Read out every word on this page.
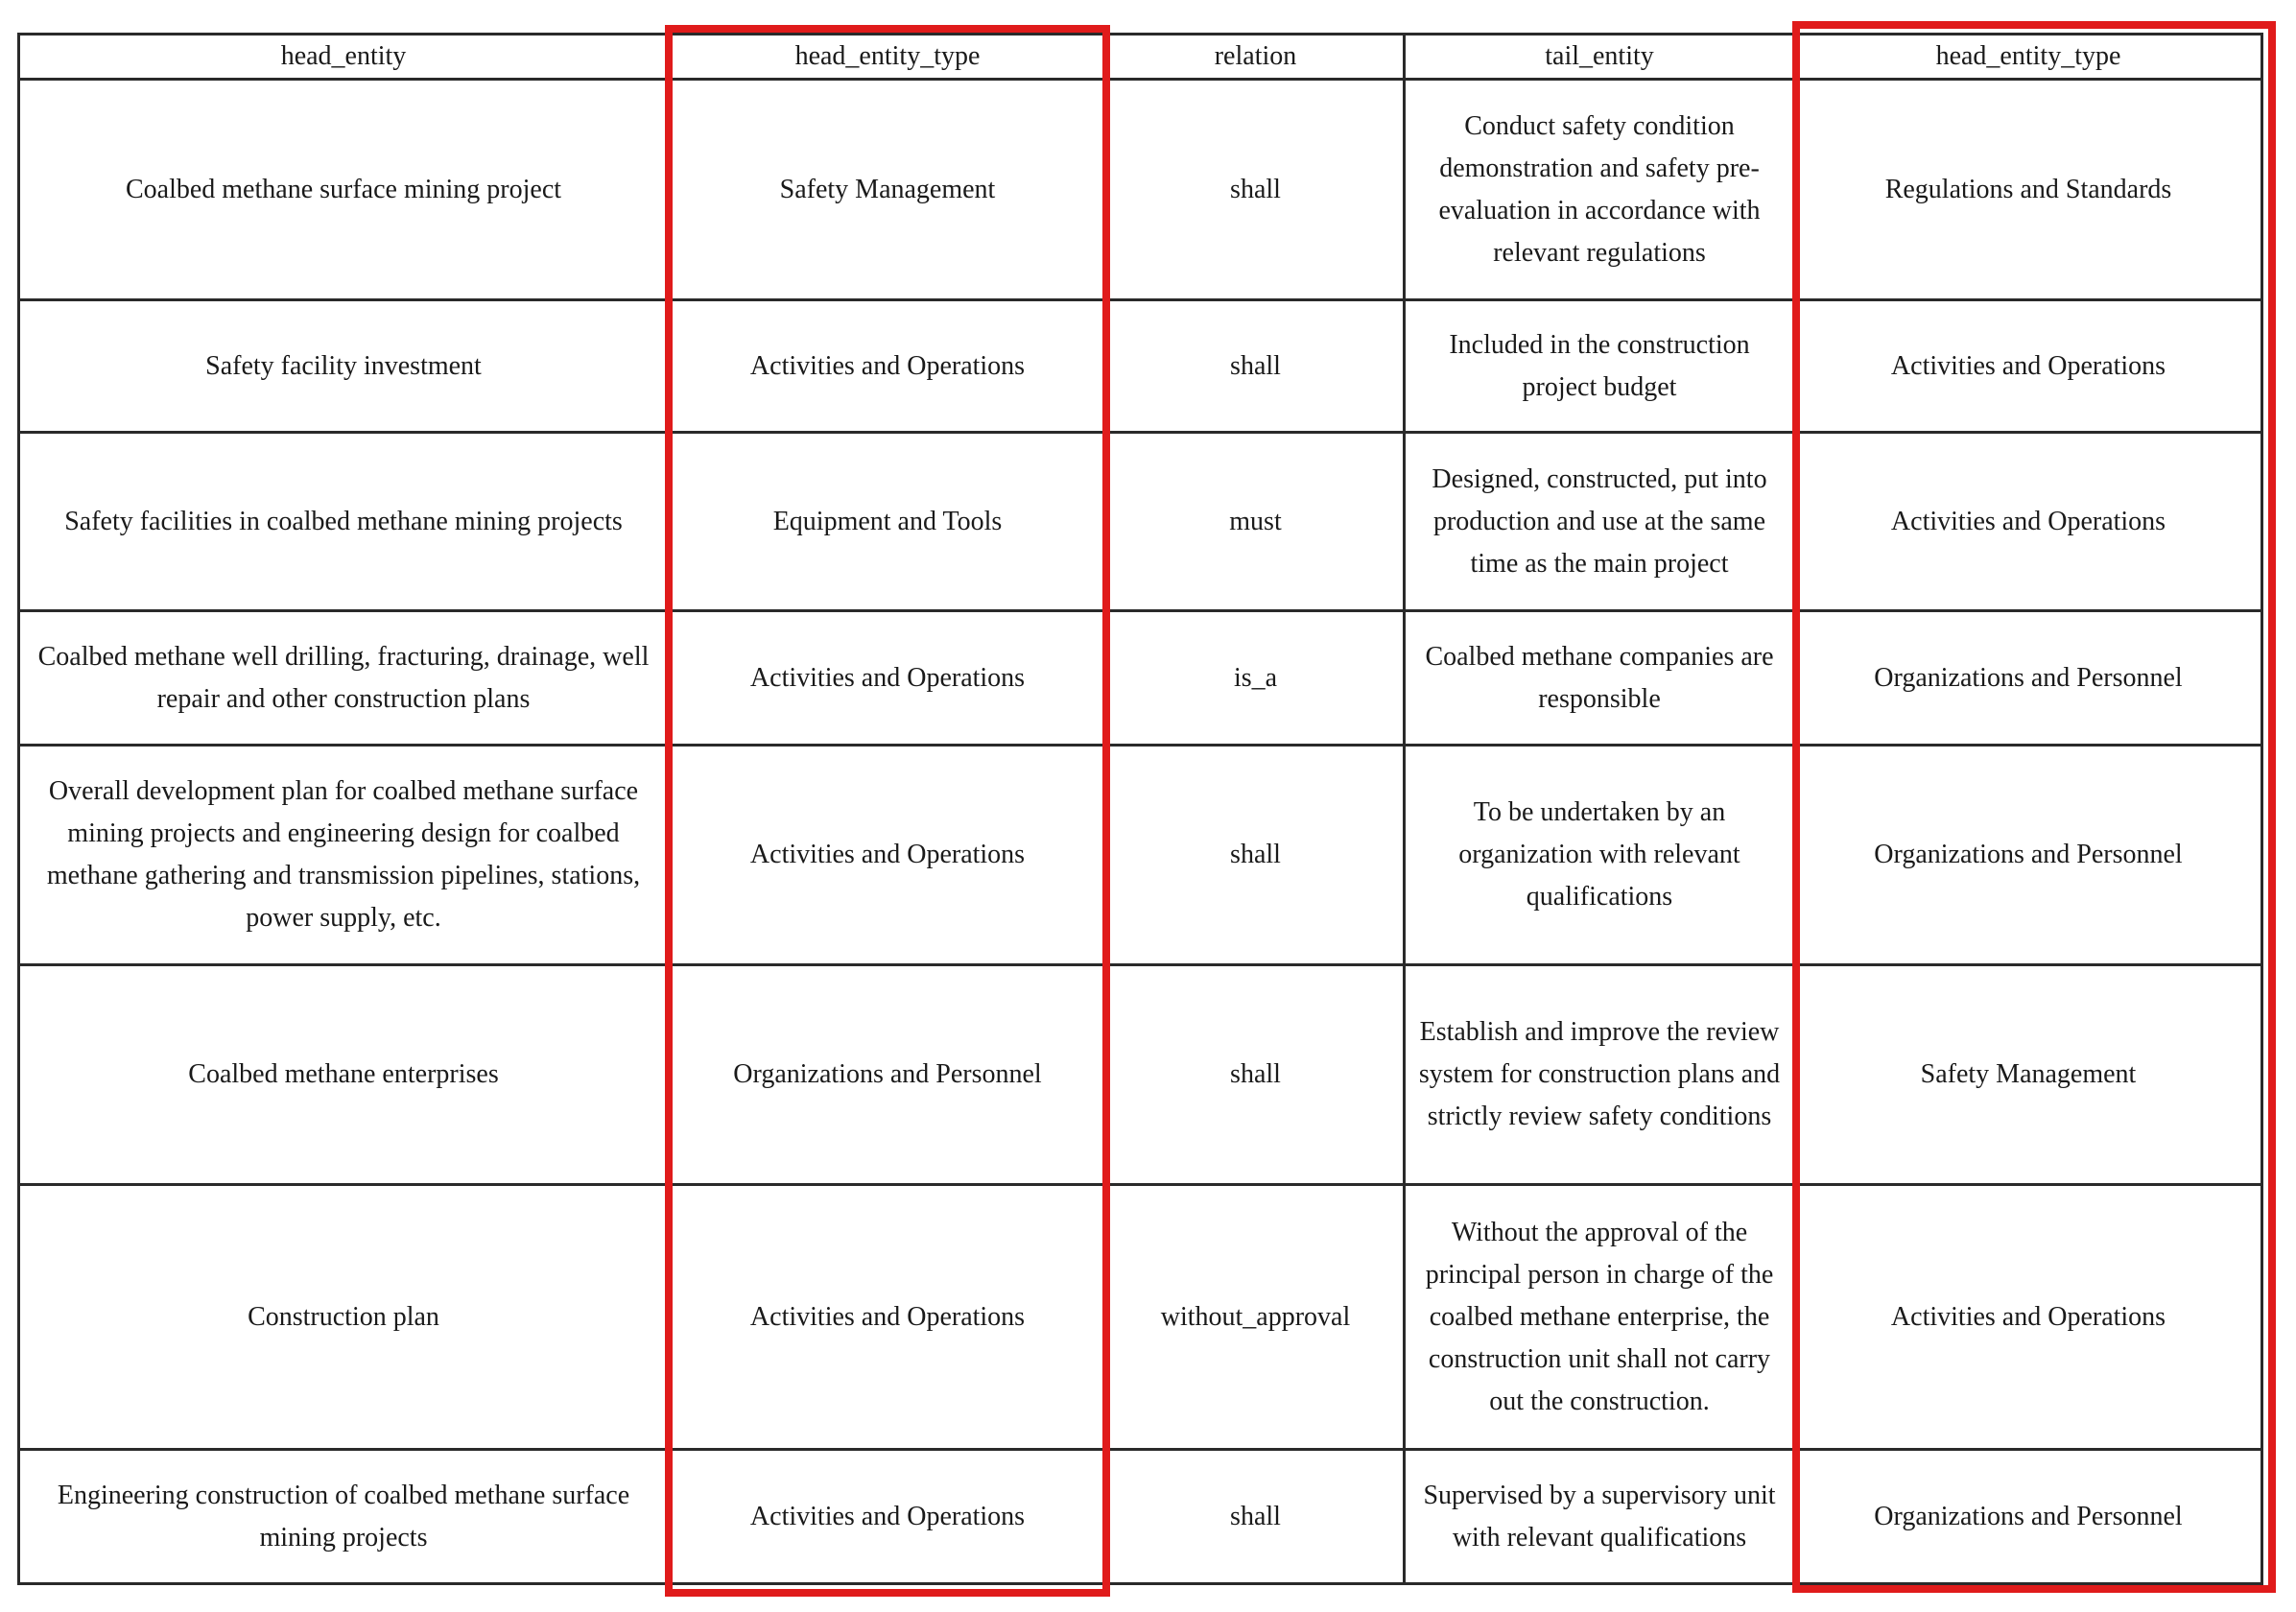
head_entity	head_entity_type	relation	tail_entity	head_entity_type
Coalbed methane surface mining project	Safety Management	shall	Conduct safety condition demonstration and safety pre-evaluation in accordance with relevant regulations	Regulations and Standards
Safety facility investment	Activities and Operations	shall	Included in the construction project budget	Activities and Operations
Safety facilities in coalbed methane mining projects	Equipment and Tools	must	Designed, constructed, put into production and use at the same time as the main project	Activities and Operations
Coalbed methane well drilling, fracturing, drainage, well repair and other construction plans	Activities and Operations	is_a	Coalbed methane companies are responsible	Organizations and Personnel
Overall development plan for coalbed methane surface mining projects and engineering design for coalbed methane gathering and transmission pipelines, stations, power supply, etc.	Activities and Operations	shall	To be undertaken by an organization with relevant qualifications	Organizations and Personnel
Coalbed methane enterprises	Organizations and Personnel	shall	Establish and improve the review system for construction plans and strictly review safety conditions	Safety Management
Construction plan	Activities and Operations	without_approval	Without the approval of the principal person in charge of the coalbed methane enterprise, the construction unit shall not carry out the construction.	Activities and Operations
Engineering construction of coalbed methane surface mining projects	Activities and Operations	shall	Supervised by a supervisory unit with relevant qualifications	Organizations and Personnel
